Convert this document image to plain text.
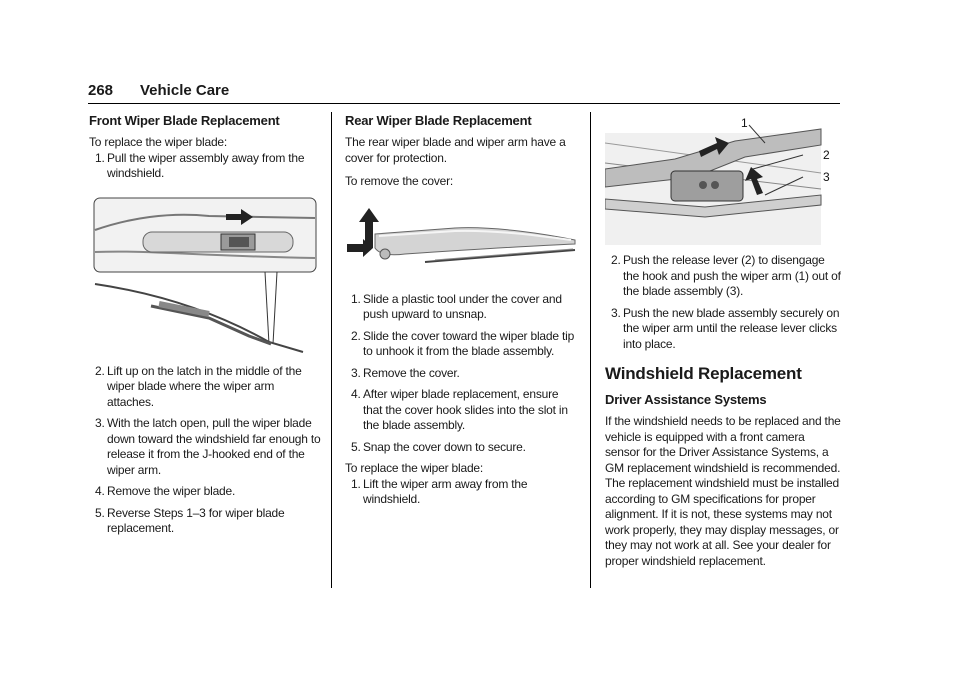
268 Vehicle Care
Front Wiper Blade Replacement

To replace the wiper blade:

1. Pull the wiper assembly away from the windshield.
2. Lift up on the latch in the middle of the wiper blade where the wiper arm attaches.
3. With the latch open, pull the wiper blade down toward the windshield far enough to release it from the J-hooked end of the wiper arm.
4. Remove the wiper blade.
5. Reverse Steps 1–3 for wiper blade replacement.
Rear Wiper Blade Replacement

The rear wiper blade and wiper arm have a cover for protection.

To remove the cover:

1. Slide a plastic tool under the cover and push upward to unsnap.
2. Slide the cover toward the wiper blade tip to unhook it from the blade assembly.
3. Remove the cover.
4. After wiper blade replacement, ensure that the cover hook slides into the slot in the blade assembly.
5. Snap the cover down to secure.

To replace the wiper blade:

1. Lift the wiper arm away from the windshield.
1
2
3
2. Push the release lever (2) to disengage the hook and push the wiper arm (1) out of the blade assembly (3).
3. Push the new blade assembly securely on the wiper arm until the release lever clicks into place.
Windshield Replacement
Driver Assistance Systems

If the windshield needs to be replaced and the vehicle is equipped with a front camera sensor for the Driver Assistance Systems, a GM replacement windshield is recommended. The replacement windshield must be installed according to GM specifications for proper alignment. If it is not, these systems may not work properly, they may display messages, or they may not work at all. See your dealer for proper windshield replacement.
